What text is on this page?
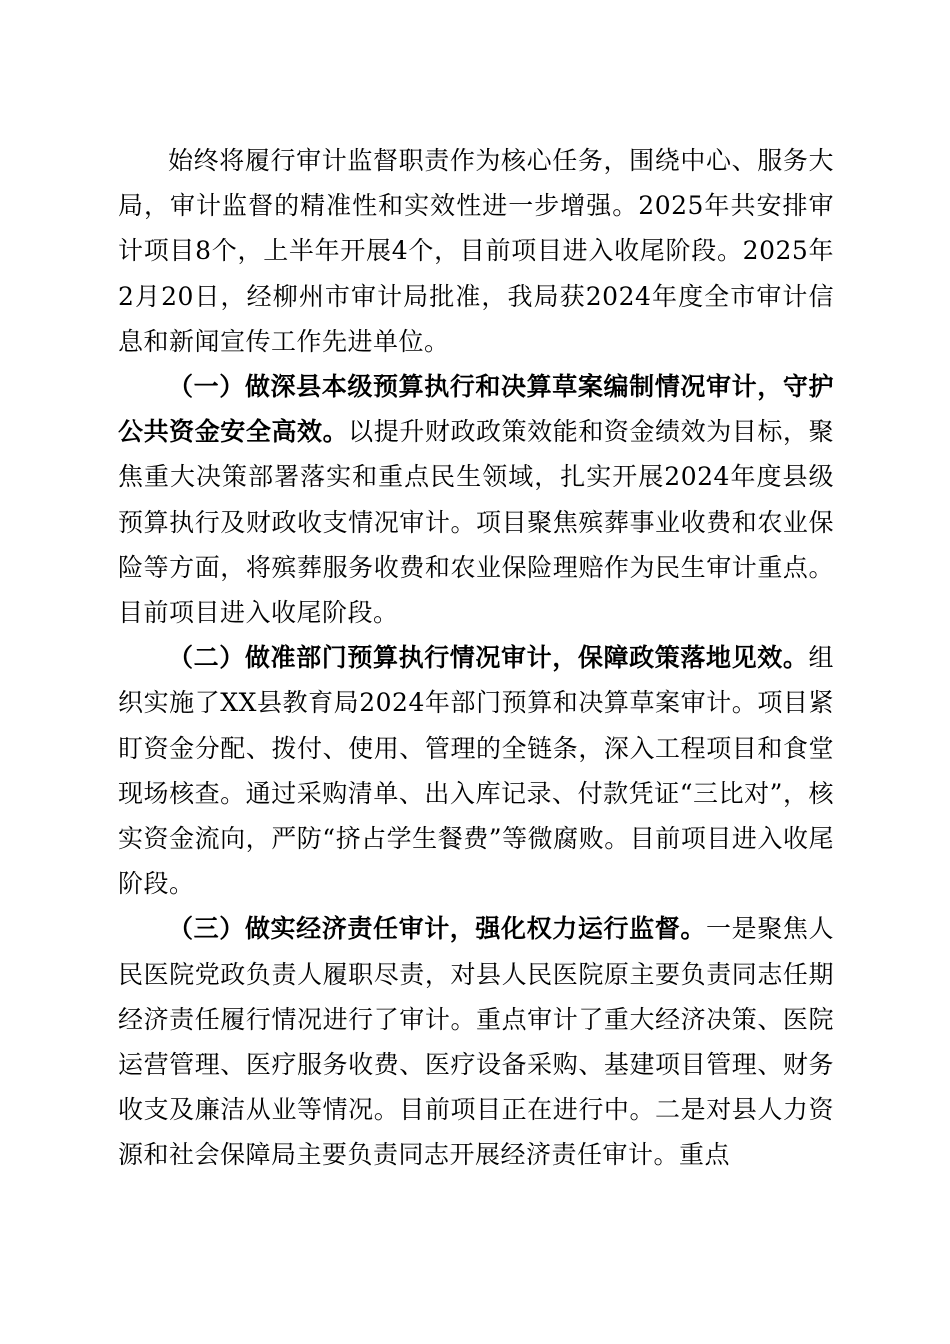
始终将履行审计监督职责作为核心任务，围绕中心、服务大局，审计监督的精准性和实效性进一步增强。2025年共安排审计项目8个，上半年开展4个，目前项目进入收尾阶段。2025年2月20日，经柳州市审计局批准，我局获2024年度全市审计信息和新闻宣传工作先进单位。

（一）做深县本级预算执行和决算草案编制情况审计，守护公共资金安全高效。以提升财政政策效能和资金绩效为目标，聚焦重大决策部署落实和重点民生领域，扎实开展2024年度县级预算执行及财政收支情况审计。项目聚焦殡葬事业收费和农业保险等方面，将殡葬服务收费和农业保险理赔作为民生审计重点。目前项目进入收尾阶段。

（二）做准部门预算执行情况审计，保障政策落地见效。组织实施了XX县教育局2024年部门预算和决算草案审计。项目紧盯资金分配、拨付、使用、管理的全链条，深入工程项目和食堂现场核查。通过采购清单、出入库记录、付款凭证“三比对”，核实资金流向，严防“挤占学生餐费”等微腐败。目前项目进入收尾阶段。

（三）做实经济责任审计，强化权力运行监督。一是聚焦人民医院党政负责人履职尽责，对县人民医院原主要负责同志任期经济责任履行情况进行了审计。重点审计了重大经济决策、医院运营管理、医疗服务收费、医疗设备采购、基建项目管理、财务收支及廉洁从业等情况。目前项目正在进行中。二是对县人力资源和社会保障局主要负责同志开展经济责任审计。重点
